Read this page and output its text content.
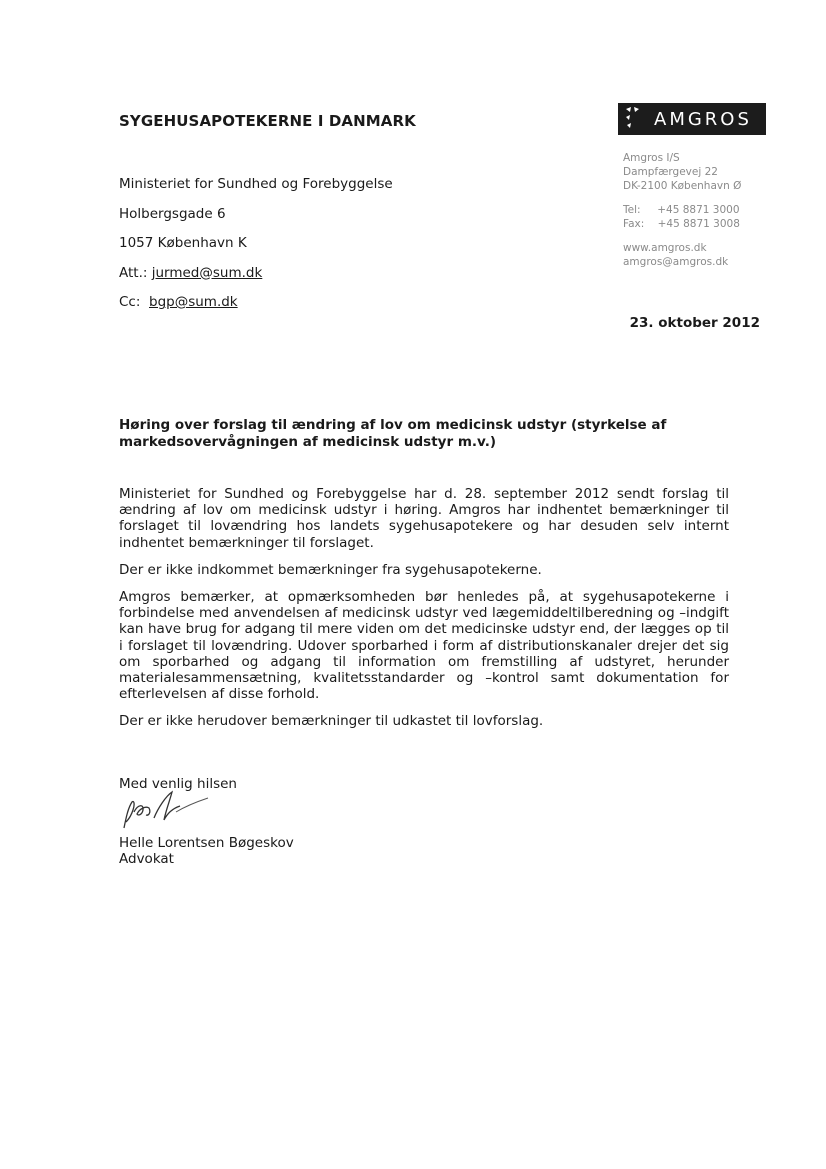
SYGEHUSAPOTEKERNE I DANMARK	AMGROS
Amgros I/S
Dampfærgevej 22
DK-2100 København Ø
Tel:     +45 8871 3000
Fax:    +45 8871 3008
www.amgros.dk
amgros@amgros.dk
Ministeriet for Sundhed og Forebyggelse
Holbergsgade 6
1057 København K
Att.: jurmed@sum.dk
Cc: bgp@sum.dk
23. oktober 2012
Høring over forslag til ændring af lov om medicinsk udstyr (styrkelse af markedsovervågningen af medicinsk udstyr m.v.)

Ministeriet for Sundhed og Forebyggelse har d. 28. september 2012 sendt forslag til ændring af lov om medicinsk udstyr i høring. Amgros har indhentet bemærkninger til forslaget til lovændring hos landets sygehusapotekere og har desuden selv internt indhentet bemærkninger til forslaget.

Der er ikke indkommet bemærkninger fra sygehusapotekerne.

Amgros bemærker, at opmærksomheden bør henledes på, at sygehusapotekerne i forbindelse med anvendelsen af medicinsk udstyr ved lægemiddeltilberedning og –indgift kan have brug for adgang til mere viden om det medicinske udstyr end, der lægges op til i forslaget til lovændring. Udover sporbarhed i form af distributionskanaler drejer det sig om sporbarhed og adgang til information om fremstilling af udstyret, herunder materialesammensætning, kvalitetsstandarder og –kontrol samt dokumentation for efterlevelsen af disse forhold.

Der er ikke herudover bemærkninger til udkastet til lovforslag.

Med venlig hilsen
Helle Lorentsen Bøgeskov
Advokat
